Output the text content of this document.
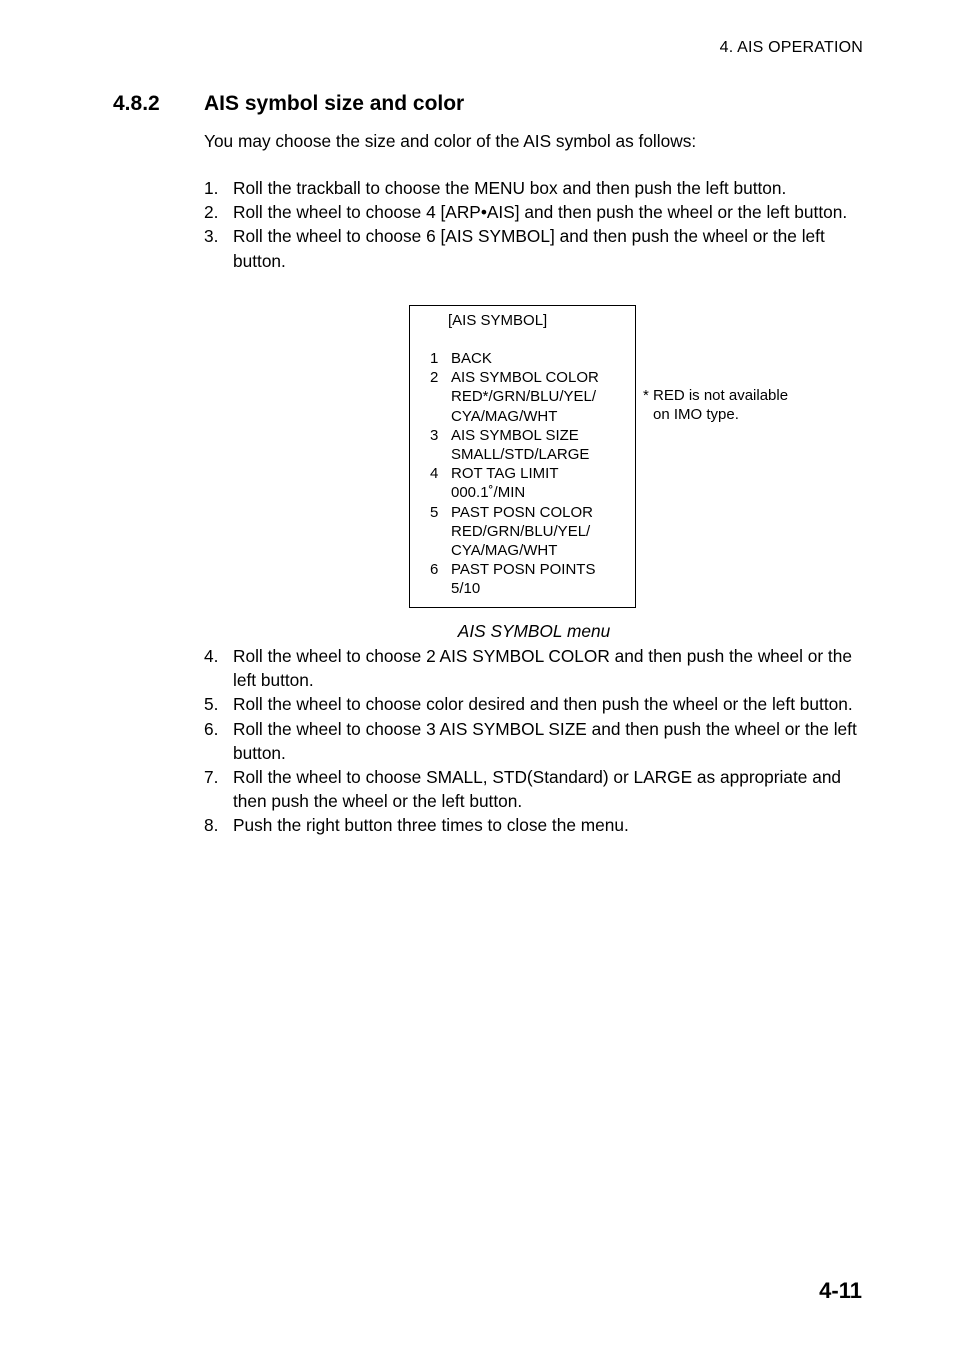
4. AIS OPERATION
4.8.2	AIS symbol size and color
You may choose the size and color of the AIS symbol as follows:
1. Roll the trackball to choose the MENU box and then push the left button.
2. Roll the wheel to choose 4 [ARP•AIS] and then push the wheel or the left button.
3. Roll the wheel to choose 6 [AIS SYMBOL] and then push the wheel or the left button.
[AIS SYMBOL]
1 BACK
2 AIS SYMBOL COLOR
RED*/GRN/BLU/YEL/
CYA/MAG/WHT
3 AIS SYMBOL SIZE
SMALL/STD/LARGE
4 ROT TAG LIMIT
000.1˚/MIN
5 PAST POSN COLOR
RED/GRN/BLU/YEL/
CYA/MAG/WHT
6 PAST POSN POINTS
5/10
* RED is not available
on IMO type.
AIS SYMBOL menu
4. Roll the wheel to choose 2 AIS SYMBOL COLOR and then push the wheel or the left button.
5. Roll the wheel to choose color desired and then push the wheel or the left button.
6. Roll the wheel to choose 3 AIS SYMBOL SIZE and then push the wheel or the left button.
7. Roll the wheel to choose SMALL, STD(Standard) or LARGE as appropriate and then push the wheel or the left button.
8. Push the right button three times to close the menu.
4-11
